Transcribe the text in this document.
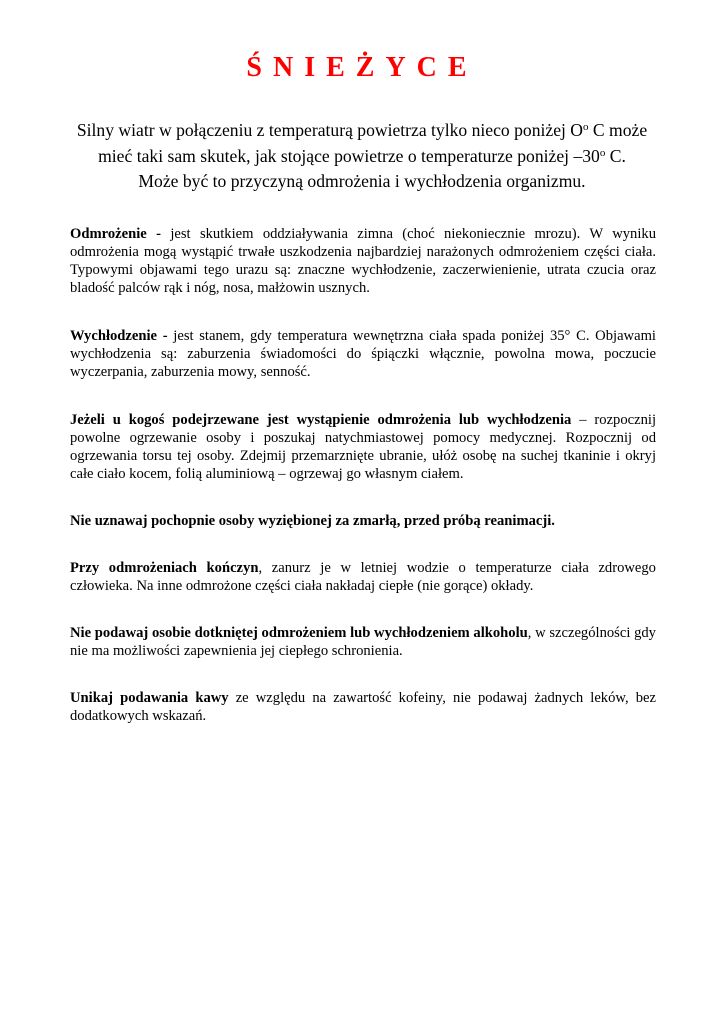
ŚNIEŻYCE

Silny wiatr w połączeniu z temperaturą powietrza tylko nieco poniżej $O^o$ C może mieć taki sam skutek, jak stojące powietrze o temperaturze poniżej –30$^o$ C.
Może być to przyczyną odmrożenia i wychłodzenia organizmu.

Odmrożenie - jest skutkiem oddziaływania zimna (choć niekoniecznie mrozu). W wyniku odmrożenia mogą wystąpić trwałe uszkodzenia najbardziej narażonych odmrożeniem części ciała. Typowymi objawami tego urazu są: znaczne wychłodzenie, zaczerwienienie, utrata czucia oraz bladość palców rąk i nóg, nosa, małżowin usznych.

Wychłodzenie - jest stanem, gdy temperatura wewnętrzna ciała spada poniżej 35° C. Objawami wychłodzenia są: zaburzenia świadomości do śpiączki włącznie, powolna mowa, poczucie wyczerpania, zaburzenia mowy, senność.

Jeżeli u kogoś podejrzewane jest wystąpienie odmrożenia lub wychłodzenia – rozpocznij powolne ogrzewanie osoby i poszukaj natychmiastowej pomocy medycznej. Rozpocznij od ogrzewania torsu tej osoby. Zdejmij przemarznięte ubranie, ułóż osobę na suchej tkaninie i okryj całe ciało kocem, folią aluminiową – ogrzewaj go własnym ciałem.

Nie uznawaj pochopnie osoby wyziębionej za zmarłą, przed próbą reanimacji.

Przy odmrożeniach kończyn, zanurz je w letniej wodzie o temperaturze ciała zdrowego człowieka. Na inne odmrożone części ciała nakładaj ciepłe (nie gorące) okłady.

Nie podawaj osobie dotkniętej odmrożeniem lub wychłodzeniem alkoholu, w szczególności gdy nie ma możliwości zapewnienia jej ciepłego schronienia.

Unikaj podawania kawy ze względu na zawartość kofeiny, nie podawaj żadnych leków, bez dodatkowych wskazań.
